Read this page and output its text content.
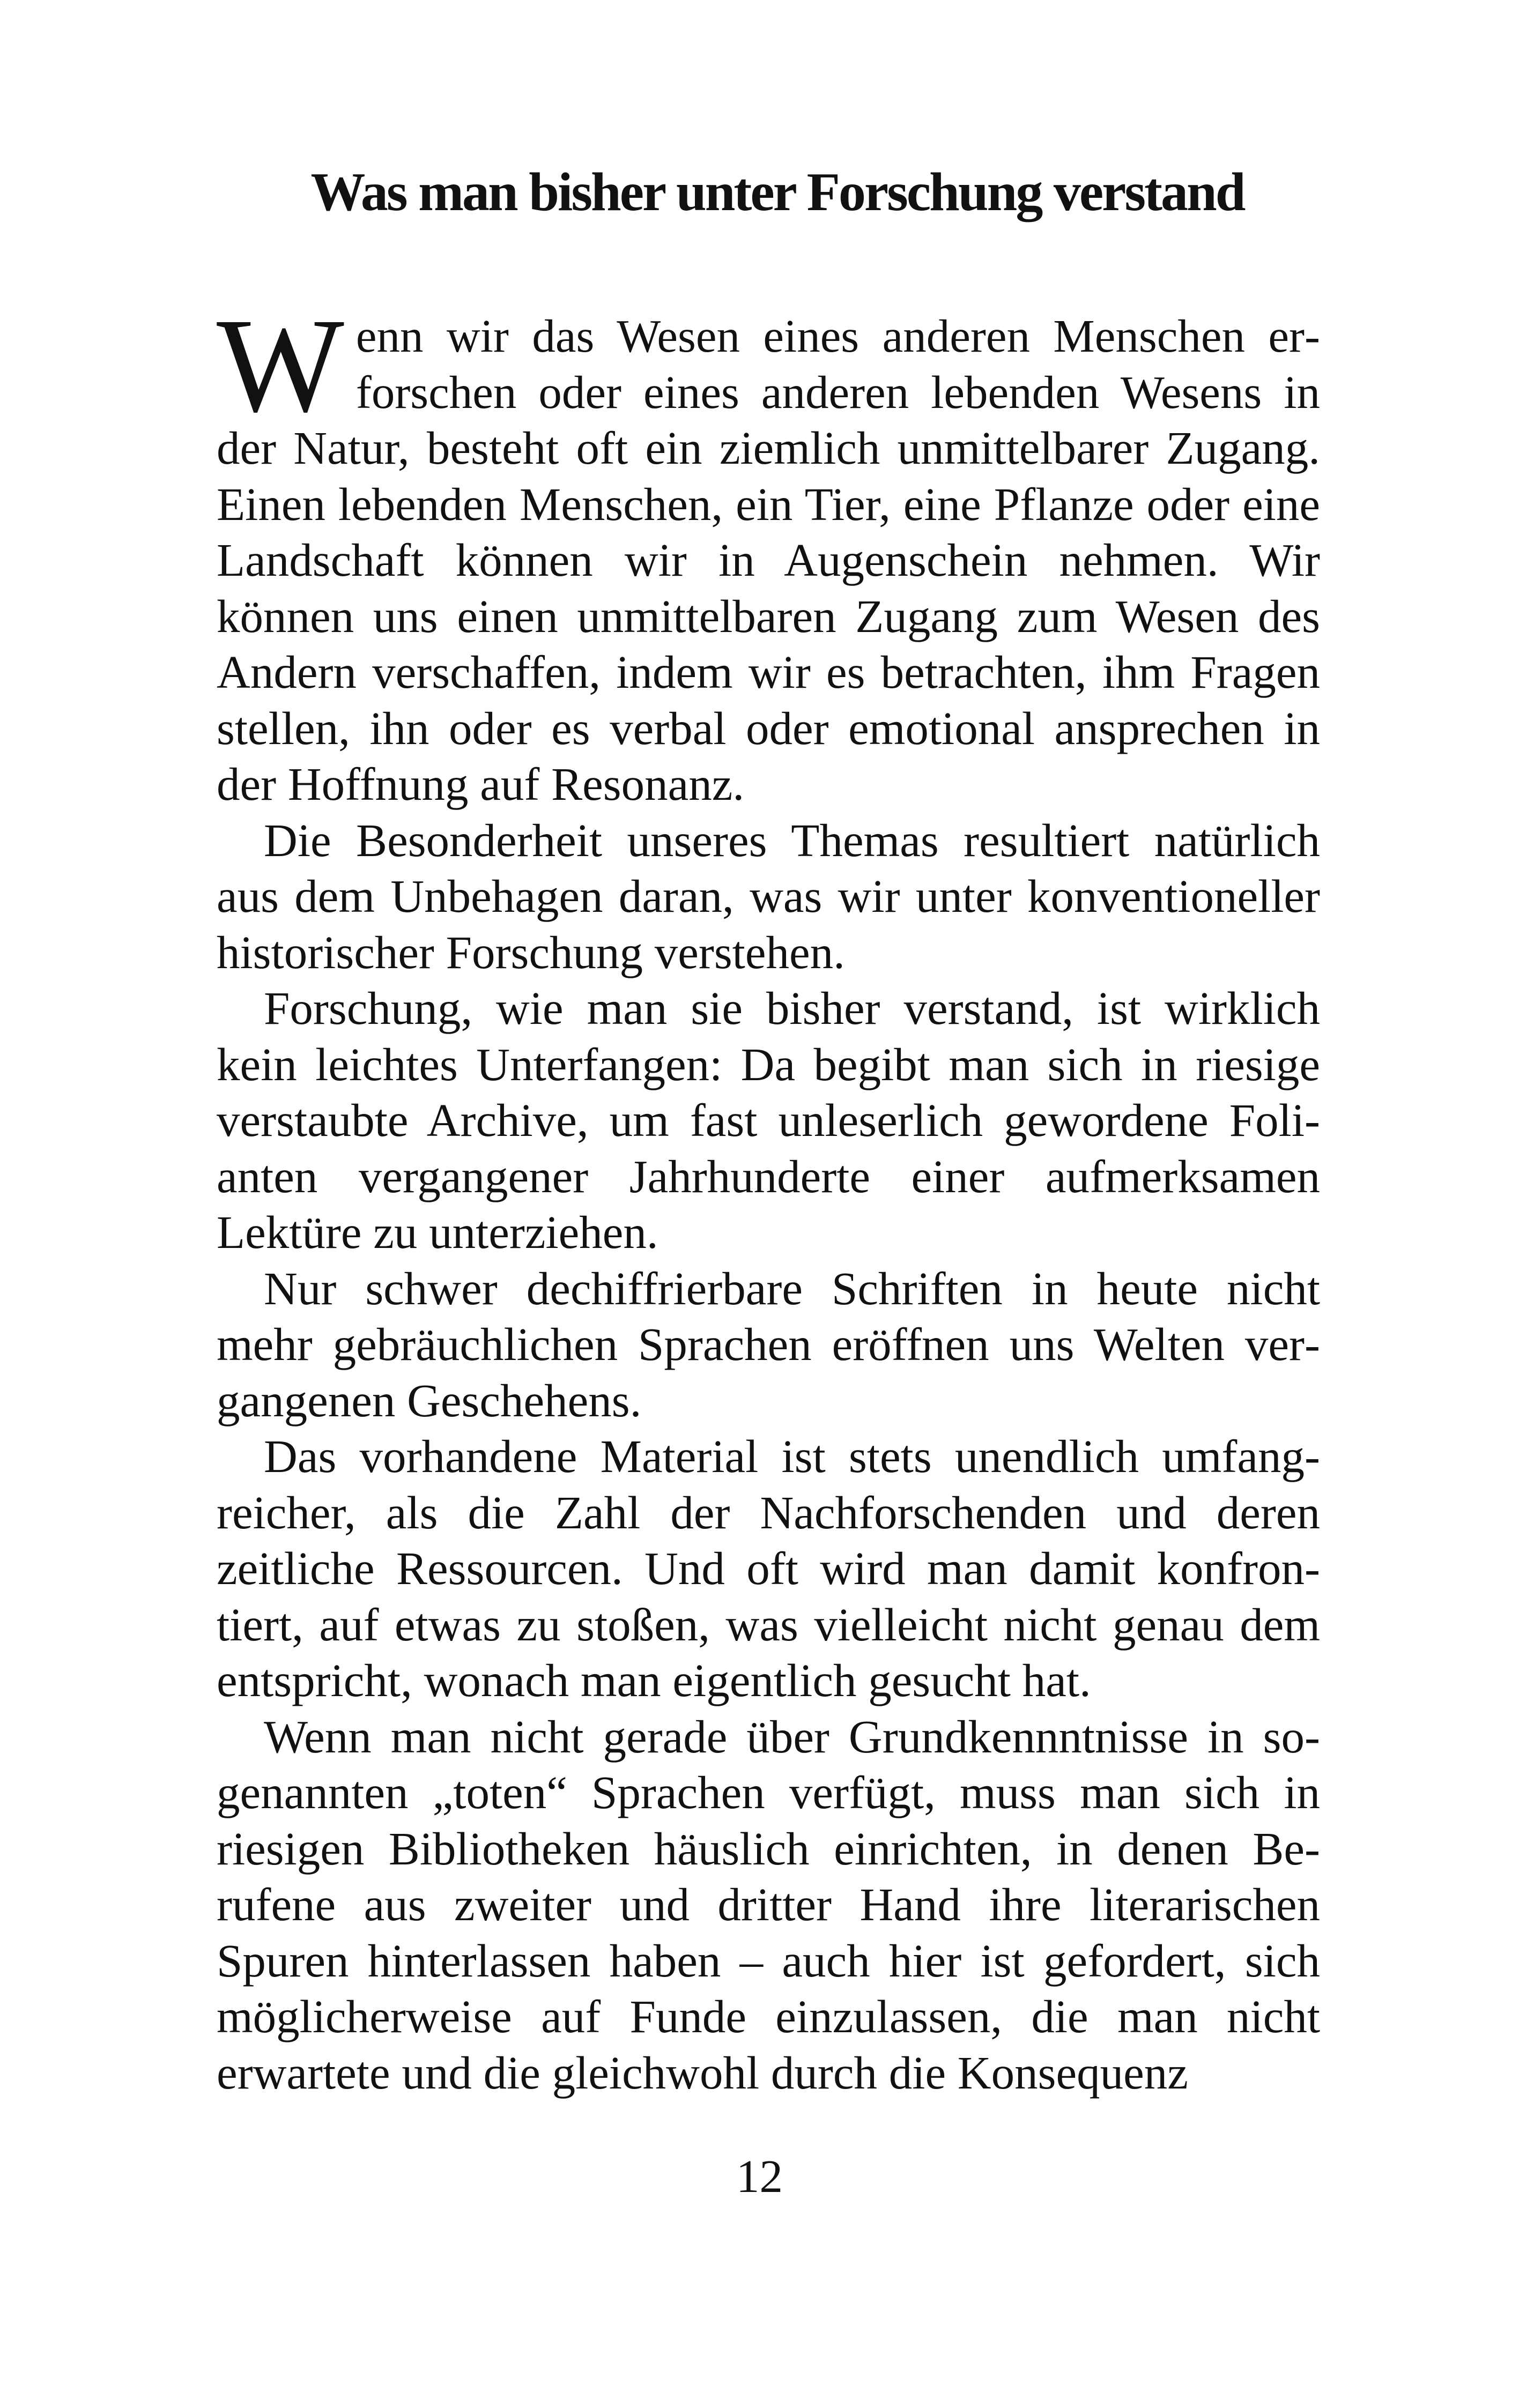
Was man bisher unter Forschung verstand

Wenn wir das Wesen eines anderen Menschen erforschen oder eines anderen lebenden Wesens in der Natur, besteht oft ein ziemlich unmittelbarer Zugang. Einen lebenden Menschen, ein Tier, eine Pflanze oder eine Landschaft können wir in Augenschein nehmen. Wir können uns einen unmittelbaren Zugang zum Wesen des Andern verschaffen, indem wir es betrachten, ihm Fragen stellen, ihn oder es verbal oder emotional ansprechen in der Hoffnung auf Resonanz.

Die Besonderheit unseres Themas resultiert natürlich aus dem Unbehagen daran, was wir unter konventioneller historischer Forschung verstehen.

Forschung, wie man sie bisher verstand, ist wirklich kein leichtes Unterfangen: Da begibt man sich in riesige verstaubte Archive, um fast unleserlich gewordene Folianten vergangener Jahrhunderte einer aufmerksamen Lektüre zu unterziehen.

Nur schwer dechiffrierbare Schriften in heute nicht mehr gebräuchlichen Sprachen eröffnen uns Welten vergangenen Geschehens.

Das vorhandene Material ist stets unendlich umfangreicher, als die Zahl der Nachforschenden und deren zeitliche Ressourcen. Und oft wird man damit konfrontiert, auf etwas zu stoßen, was vielleicht nicht genau dem entspricht, wonach man eigentlich gesucht hat.

Wenn man nicht gerade über Grundkennntnisse in sogenannten „toten“ Sprachen verfügt, muss man sich in riesigen Bibliotheken häuslich einrichten, in denen Berufene aus zweiter und dritter Hand ihre literarischen Spuren hinterlassen haben – auch hier ist gefordert, sich möglicherweise auf Funde einzulassen, die man nicht erwartete und die gleichwohl durch die Konsequenz

12
